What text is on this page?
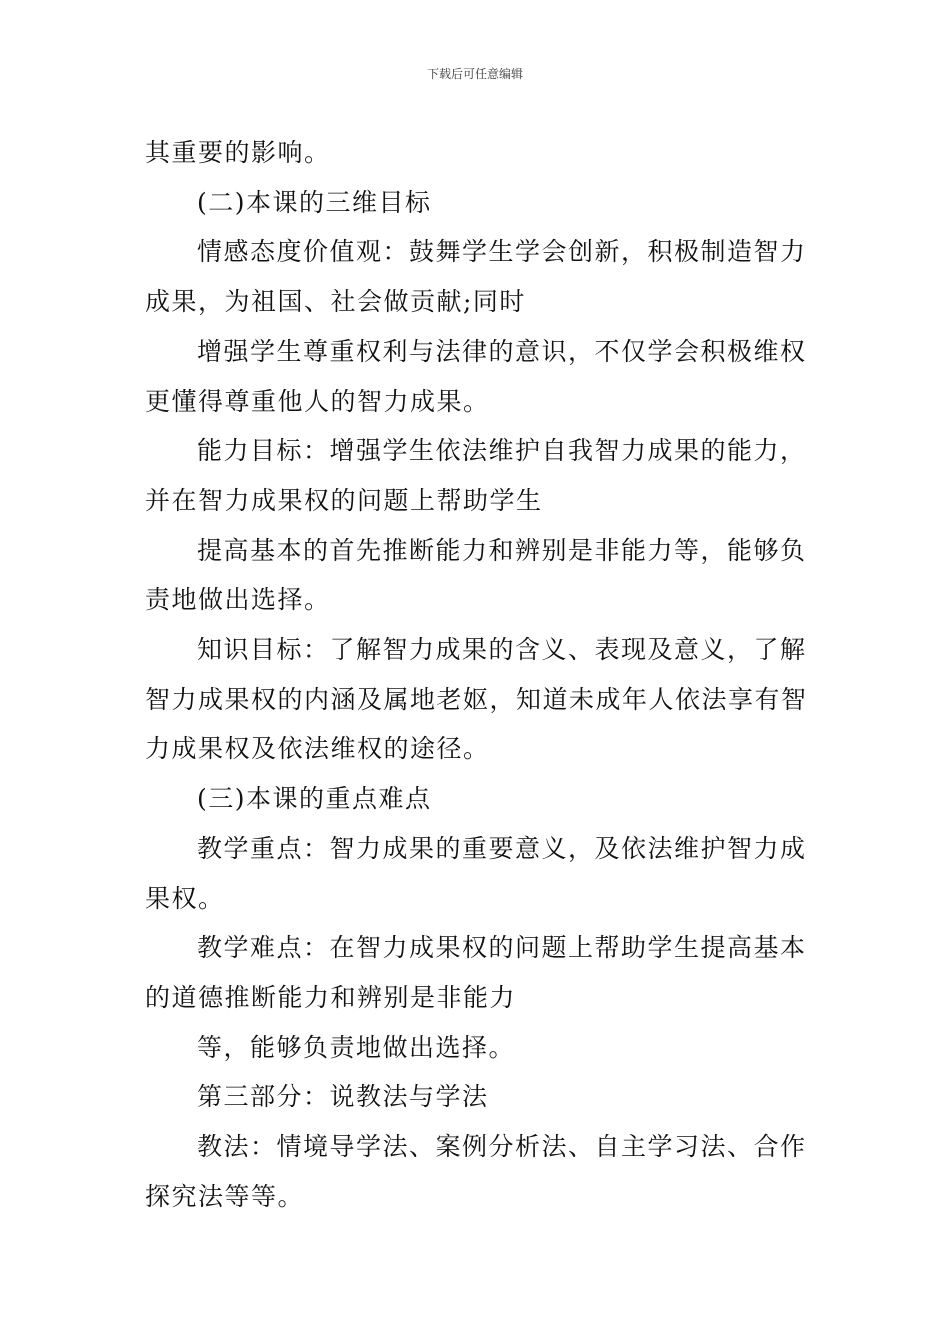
下载后可任意编辑

其重要的影响。

(二)本课的三维目标

情感态度价值观：鼓舞学生学会创新，积极制造智力

成果，为祖国、社会做贡献;同时

增强学生尊重权利与法律的意识，不仅学会积极维权

更懂得尊重他人的智力成果。

能力目标：增强学生依法维护自我智力成果的能力，

并在智力成果权的问题上帮助学生

提高基本的首先推断能力和辨别是非能力等，能够负

责地做出选择。

知识目标：了解智力成果的含义、表现及意义，了解

智力成果权的内涵及属地老妪，知道未成年人依法享有智

力成果权及依法维权的途径。

(三)本课的重点难点

教学重点：智力成果的重要意义，及依法维护智力成

果权。

教学难点：在智力成果权的问题上帮助学生提高基本

的道德推断能力和辨别是非能力

等，能够负责地做出选择。

第三部分：说教法与学法

教法：情境导学法、案例分析法、自主学习法、合作

探究法等等。
